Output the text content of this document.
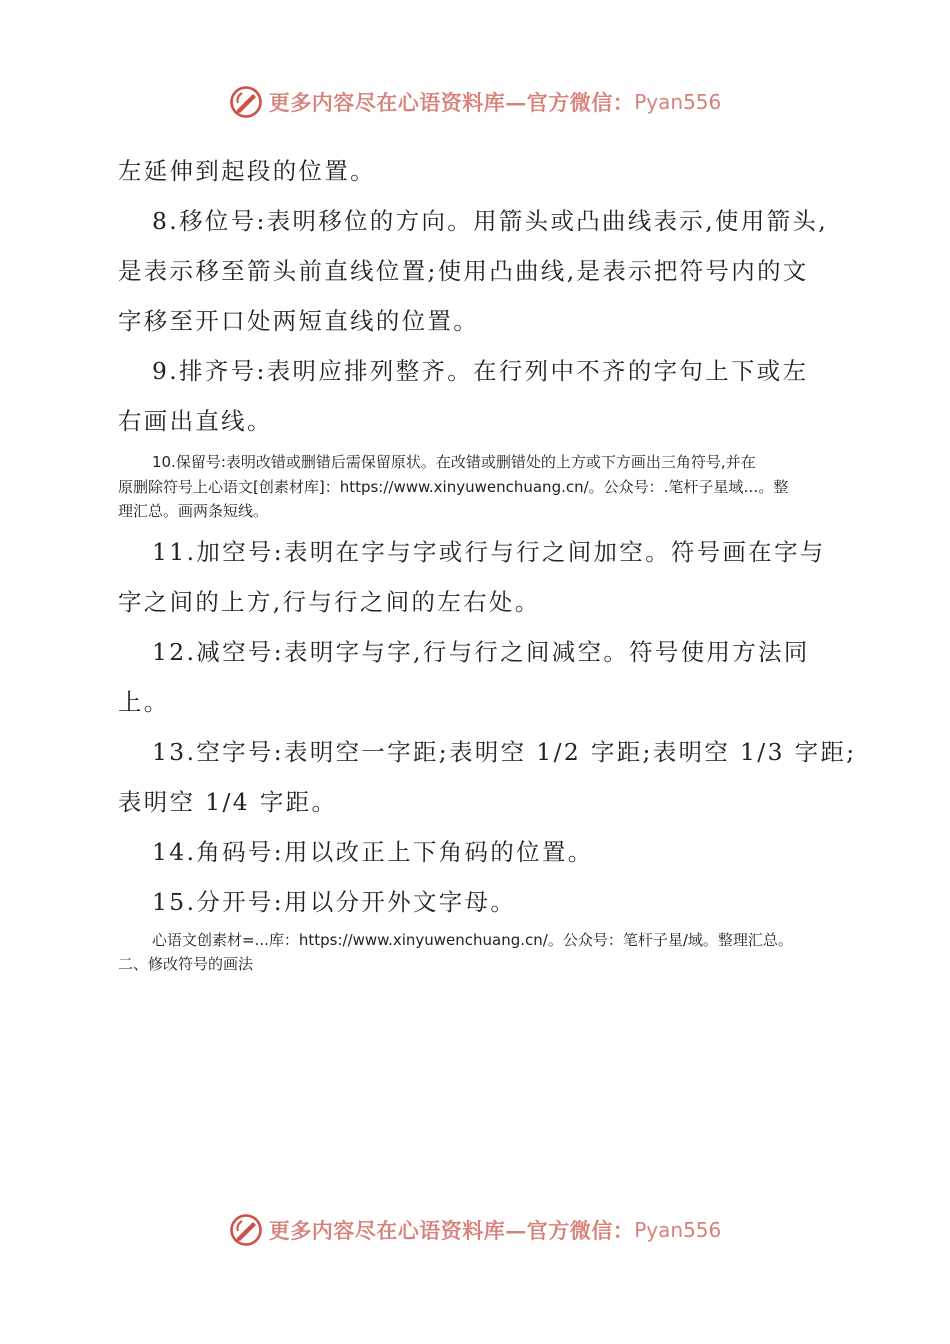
更多内容尽在心语资料库—官方微信： Pyan556

左延伸到起段的位置。

8.移位号:表明移位的方向。用箭头或凸曲线表示,使用箭头,

是表示移至箭头前直线位置;使用凸曲线,是表示把符号内的文

字移至开口处两短直线的位置。

9.排齐号:表明应排列整齐。在行列中不齐的字句上下或左

右画出直线。

10.保留号:表明改错或删错后需保留原状。在改错或删错处的上方或下方画出三角符号,并在

原删除符号上心语文[创素材库]：https://www.xinyuwenchuang.cn/。公众号：.笔杆子星域…。整

理汇总。画两条短线。

11.加空号:表明在字与字或行与行之间加空。符号画在字与

字之间的上方,行与行之间的左右处。

12.减空号:表明字与字,行与行之间减空。符号使用方法同

上。

13.空字号:表明空一字距;表明空 1/2 字距;表明空 1/3 字距;

表明空 1/4 字距。

14.角码号:用以改正上下角码的位置。

15.分开号:用以分开外文字母。

心语文创素材=...库：https://www.xinyuwenchuang.cn/。公众号：笔杆子星/域。整理汇总。

二、修改符号的画法

更多内容尽在心语资料库—官方微信： Pyan556
